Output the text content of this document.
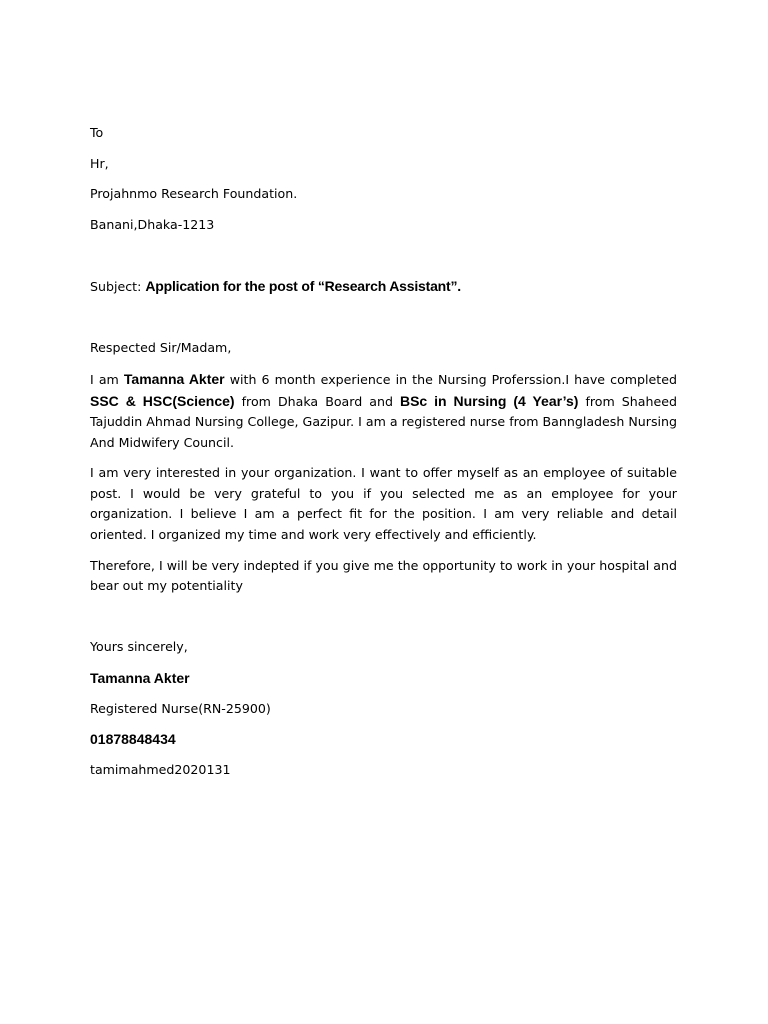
To
Hr,
Projahnmo Research Foundation.
Banani,Dhaka-1213
Subject: Application for the post of “Research Assistant”.
Respected Sir/Madam,
I am Tamanna Akter with 6 month experience in the Nursing Proferssion.I have completed SSC & HSC(Science) from Dhaka Board and BSc in Nursing (4 Year’s) from Shaheed Tajuddin Ahmad Nursing College, Gazipur. I am a registered nurse from Banngladesh Nursing And Midwifery Council.
I am very interested in your organization. I want to offer myself as an employee of suitable post. I would be very grateful to you if you selected me as an employee for your organization. I believe I am a perfect fit for the position. I am very reliable and detail oriented. I organized my time and work very effectively and efficiently.
Therefore, I will be very indepted if you give me the opportunity to work in your hospital and bear out my potentiality
Yours sincerely,
Tamanna Akter
Registered Nurse(RN-25900)
01878848434
tamimahmed2020131
